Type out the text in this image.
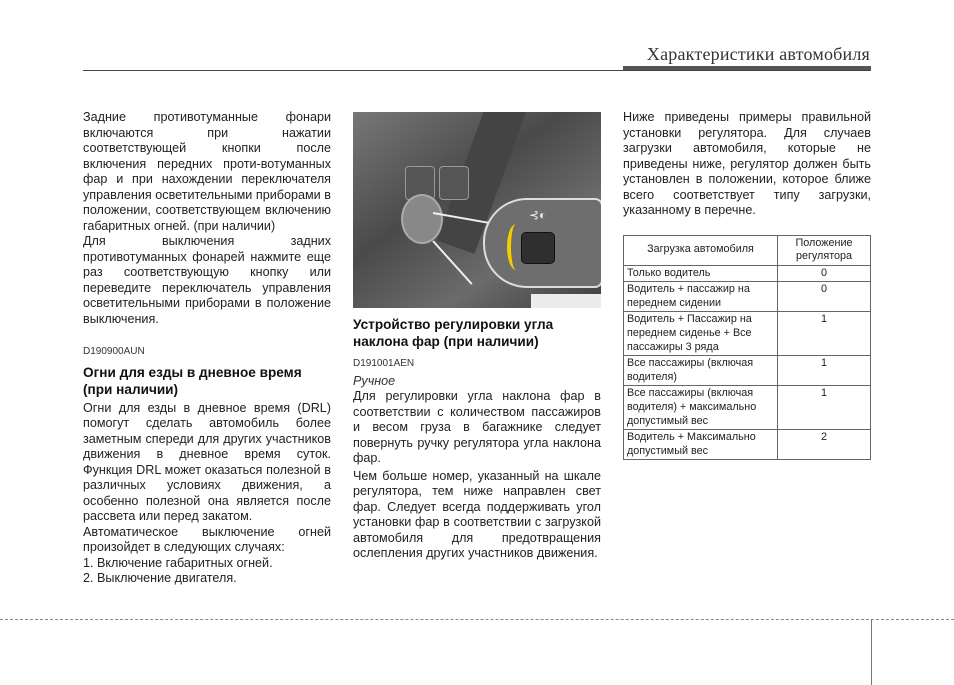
Характеристики автомобиля

Задние противотуманные фонари включаются при нажатии соответствующей кнопки после включения передних проти-вотуманных фар и при нахождении переключателя управления осветительными приборами в положении, соответствующем включению габаритных огней. (при наличии)

Для выключения задних противотуманных фонарей нажмите еще раз соответствующую кнопку или переведите переключатель управления осветительными приборами в положение выключения.

D190900AUN

Огни для езды в дневное время (при наличии)

Огни для езды в дневное время (DRL) помогут сделать автомобиль более заметным спереди для других участников движения в дневное время суток. Функция DRL может оказаться полезной в различных условиях движения, а особенно полезной она является после рассвета или перед закатом.

Автоматическое выключение огней произойдет в следующих случаях:

1. Включение габаритных огней.

2. Выключение двигателя.

⊰◐

Устройство регулировки угла наклона фар (при наличии)

D191001AEN

Ручное

Для регулировки угла наклона фар в соответствии с количеством пассажиров и весом груза в багажнике следует повернуть ручку регулятора угла наклона фар.

Чем больше номер, указанный на шкале регулятора, тем ниже направлен свет фар. Следует всегда поддерживать угол установки фар в соответствии с загрузкой автомобиля для предотвращения ослепления других участников движения.

Ниже приведены примеры правильной установки регулятора. Для случаев загрузки автомобиля, которые не приведены ниже, регулятор должен быть установлен в положении, которое ближе всего соответствует типу загрузки, указанному в перечне.

Загрузка автомобиля	Положение регулятора
Только водитель	0
Водитель + пассажир на переднем сидении	0
Водитель + Пассажир на переднем сиденье + Все пассажиры 3 ряда	1
Все пассажиры (включая водителя)	1
Все пассажиры (включая водителя) + максимально допустимый вес	1
Водитель + Максимально допустимый вес	2
